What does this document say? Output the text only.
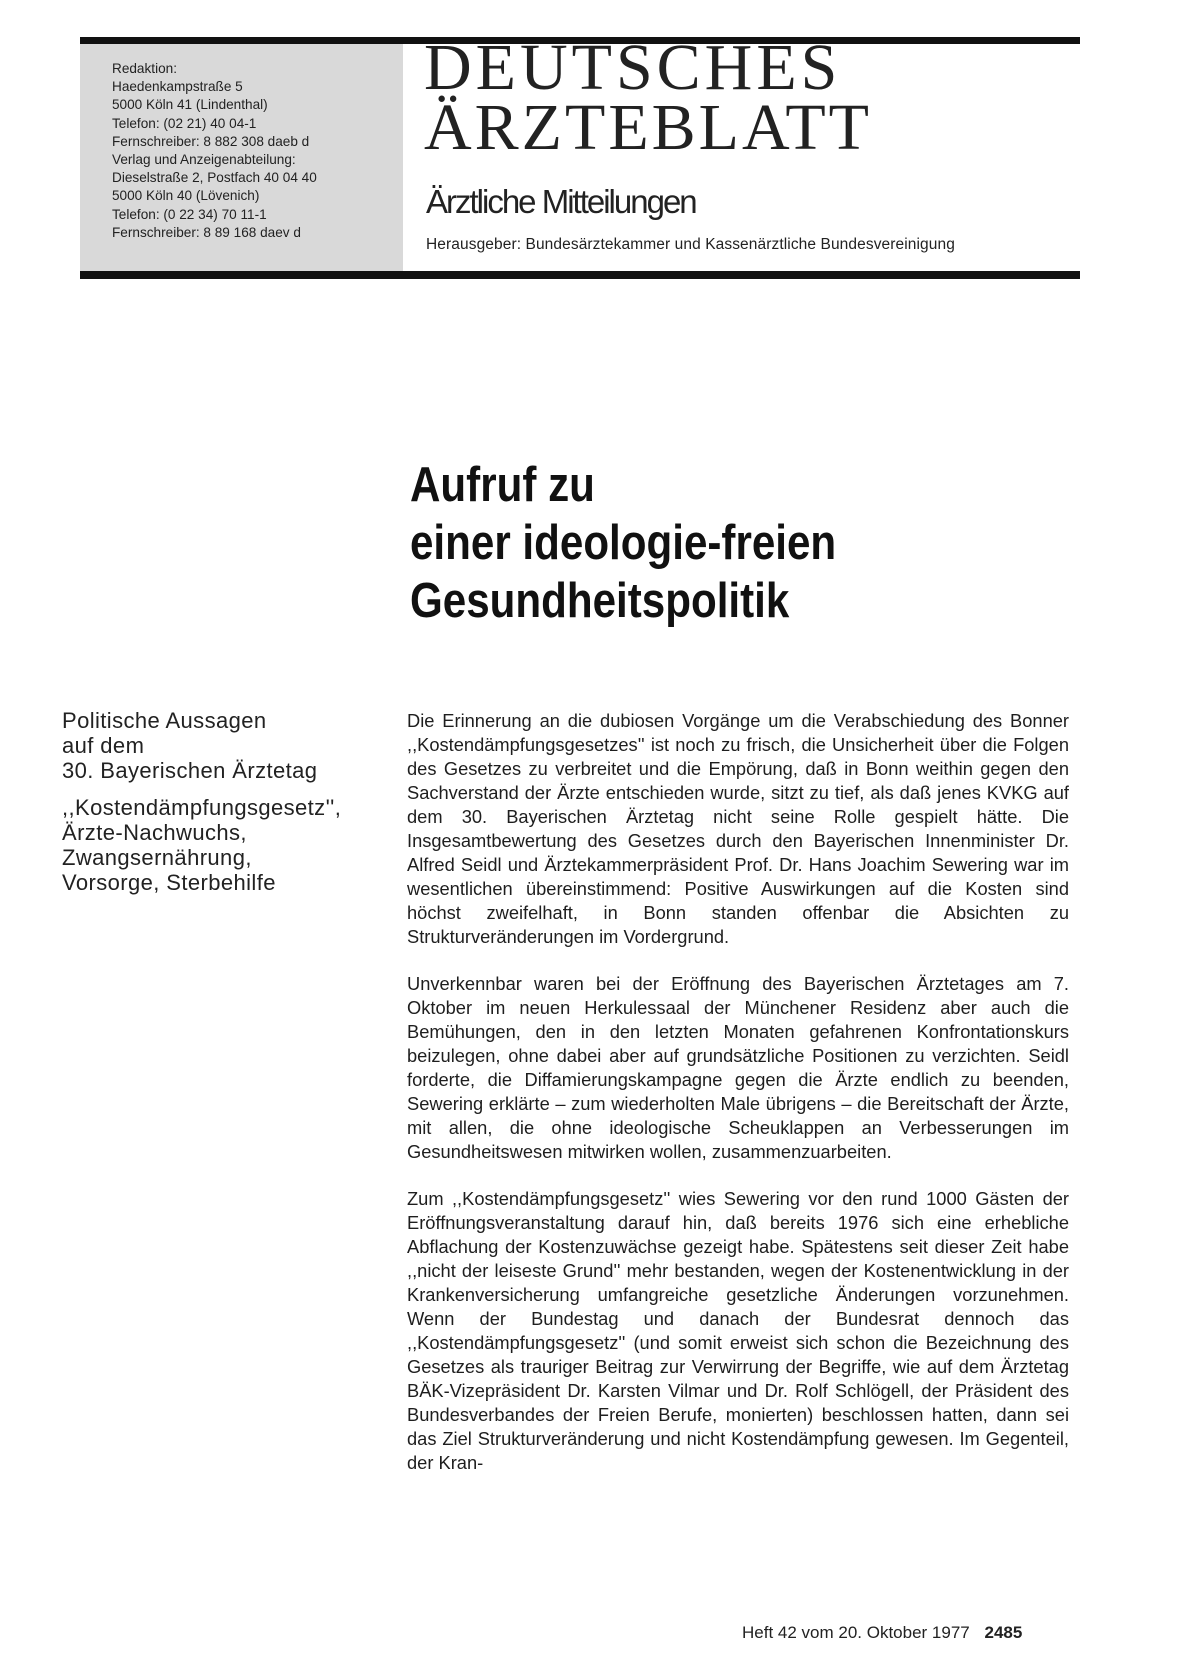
Redaktion:
Haedenkampstraße 5
5000 Köln 41 (Lindenthal)
Telefon: (02 21) 40 04-1
Fernschreiber: 8 882 308 daeb d
Verlag und Anzeigenabteilung:
Dieselstraße 2, Postfach 40 04 40
5000 Köln 40 (Lövenich)
Telefon: (0 22 34) 70 11-1
Fernschreiber: 8 89 168 daev d
DEUTSCHES
ÄRZTEBLATT
Ärztliche Mitteilungen
Herausgeber: Bundesärztekammer und Kassenärztliche Bundesvereinigung
Aufruf zu
einer ideologie-freien
Gesundheitspolitik

Politische Aussagen
auf dem
30. Bayerischen Ärztetag

,,Kostendämpfungsgesetz'',
Ärzte-Nachwuchs,
Zwangsernährung,
Vorsorge, Sterbehilfe

Die Erinnerung an die dubiosen Vorgänge um die Verabschiedung des Bonner ,,Kostendämpfungsgesetzes'' ist noch zu frisch, die Unsicherheit über die Folgen des Gesetzes zu verbreitet und die Empörung, daß in Bonn weithin gegen den Sachverstand der Ärzte entschieden wurde, sitzt zu tief, als daß jenes KVKG auf dem 30. Bayerischen Ärztetag nicht seine Rolle gespielt hätte. Die Insgesamtbewertung des Gesetzes durch den Bayerischen Innenminister Dr. Alfred Seidl und Ärztekammerpräsident Prof. Dr. Hans Joachim Sewering war im wesentlichen übereinstimmend: Positive Auswirkungen auf die Kosten sind höchst zweifelhaft, in Bonn standen offenbar die Absichten zu Strukturveränderungen im Vordergrund.

Unverkennbar waren bei der Eröffnung des Bayerischen Ärztetages am 7. Oktober im neuen Herkulessaal der Münchener Residenz aber auch die Bemühungen, den in den letzten Monaten gefahrenen Konfrontationskurs beizulegen, ohne dabei aber auf grundsätzliche Positionen zu verzichten. Seidl forderte, die Diffamierungskampagne gegen die Ärzte endlich zu beenden, Sewering erklärte – zum wiederholten Male übrigens – die Bereitschaft der Ärzte, mit allen, die ohne ideologische Scheuklappen an Verbesserungen im Gesundheitswesen mitwirken wollen, zusammenzuarbeiten.

Zum ,,Kostendämpfungsgesetz'' wies Sewering vor den rund 1000 Gästen der Eröffnungsveranstaltung darauf hin, daß bereits 1976 sich eine erhebliche Abflachung der Kostenzuwächse gezeigt habe. Spätestens seit dieser Zeit habe ,,nicht der leiseste Grund'' mehr bestanden, wegen der Kostenentwicklung in der Krankenversicherung umfangreiche gesetzliche Änderungen vorzunehmen. Wenn der Bundestag und danach der Bundesrat dennoch das ,,Kostendämpfungsgesetz'' (und somit erweist sich schon die Bezeichnung des Gesetzes als trauriger Beitrag zur Verwirrung der Begriffe, wie auf dem Ärztetag BÄK-Vizepräsident Dr. Karsten Vilmar und Dr. Rolf Schlögell, der Präsident des Bundesverbandes der Freien Berufe, monierten) beschlossen hatten, dann sei das Ziel Strukturveränderung und nicht Kostendämpfung gewesen. Im Gegenteil, der Kran-

Heft 42 vom 20. Oktober 1977 2485
